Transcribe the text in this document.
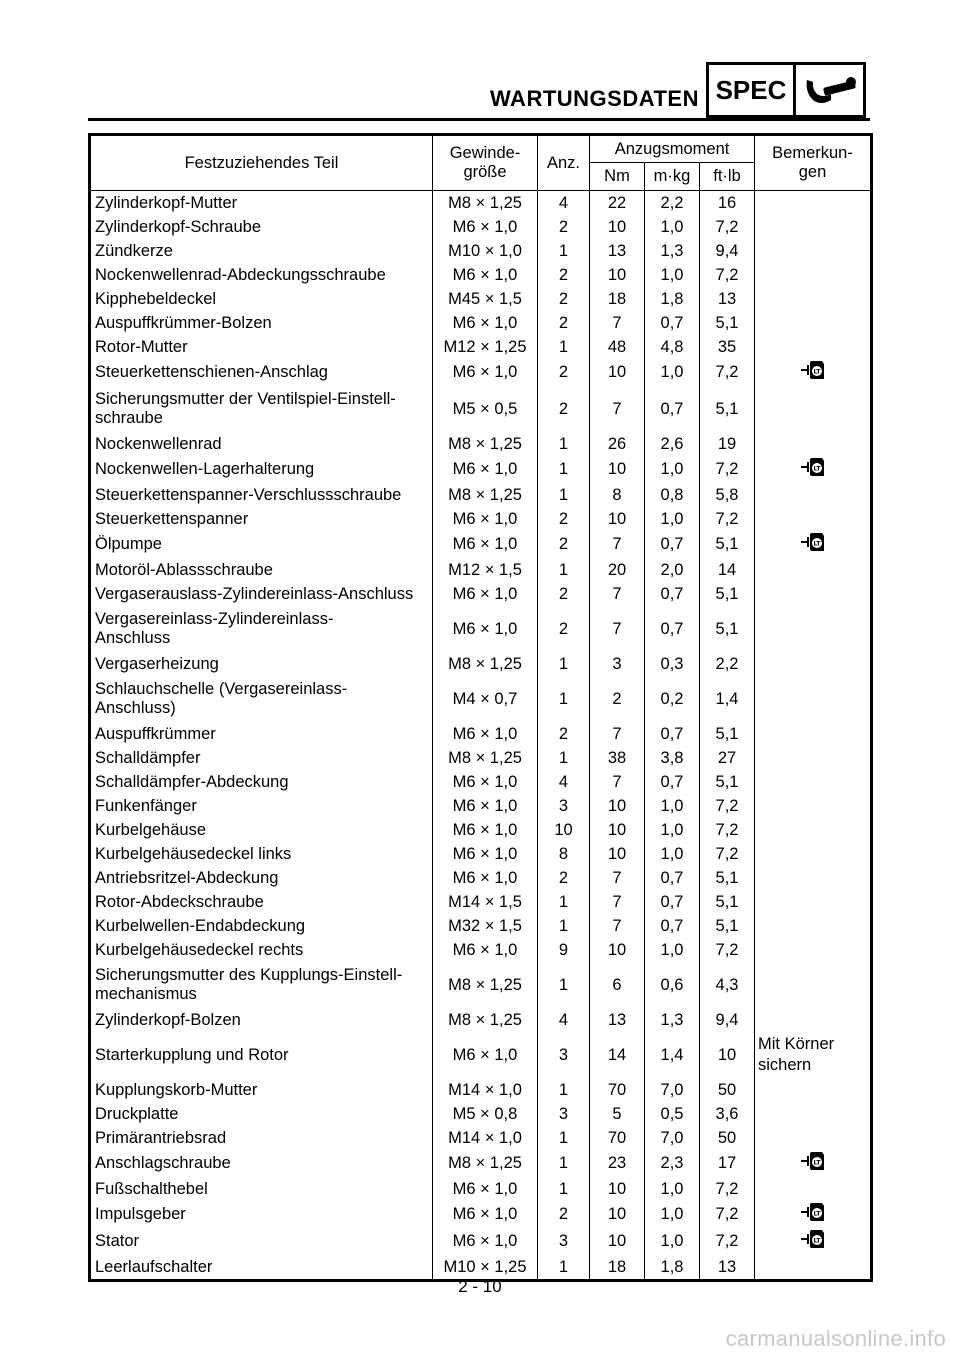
WARTUNGSDATEN SPEC
Festzuziehendes Teil	Gewinde-
größe	Anz.	Anzugsmoment			Bemerkun-
gen
			Nm	m·kg	ft·lb	
Zylinderkopf-Mutter	M8 × 1,25	4	22	2,2	16	
Zylinderkopf-Schraube	M6 × 1,0	2	10	1,0	7,2	
Zündkerze	M10 × 1,0	1	13	1,3	9,4	
Nockenwellenrad-Abdeckungsschraube	M6 × 1,0	2	10	1,0	7,2	
Kipphebeldeckel	M45 × 1,5	2	18	1,8	13	
Auspuffkrümmer-Bolzen	M6 × 1,0	2	7	0,7	5,1	
Rotor-Mutter	M12 × 1,25	1	48	4,8	35	
Steuerkettenschienen-Anschlag	M6 × 1,0	2	10	1,0	7,2	LT

Sicherungsmutter der Ventilspiel-Einstell-
schraube	M5 × 0,5	2	7	0,7	5,1	
Nockenwellenrad	M8 × 1,25	1	26	2,6	19	
Nockenwellen-Lagerhalterung	M6 × 1,0	1	10	1,0	7,2	LT

Steuerkettenspanner-Verschlussschraube	M8 × 1,25	1	8	0,8	5,8	
Steuerkettenspanner	M6 × 1,0	2	10	1,0	7,2	
Ölpumpe	M6 × 1,0	2	7	0,7	5,1	LT

Motoröl-Ablassschraube	M12 × 1,5	1	20	2,0	14	
Vergaserauslass-Zylindereinlass-Anschluss	M6 × 1,0	2	7	0,7	5,1	
Vergasereinlass-Zylindereinlass-
Anschluss	M6 × 1,0	2	7	0,7	5,1	
Vergaserheizung	M8 × 1,25	1	3	0,3	2,2	
Schlauchschelle (Vergasereinlass-
Anschluss)	M4 × 0,7	1	2	0,2	1,4	
Auspuffkrümmer	M6 × 1,0	2	7	0,7	5,1	
Schalldämpfer	M8 × 1,25	1	38	3,8	27	
Schalldämpfer-Abdeckung	M6 × 1,0	4	7	0,7	5,1	
Funkenfänger	M6 × 1,0	3	10	1,0	7,2	
Kurbelgehäuse	M6 × 1,0	10	10	1,0	7,2	
Kurbelgehäusedeckel links	M6 × 1,0	8	10	1,0	7,2	
Antriebsritzel-Abdeckung	M6 × 1,0	2	7	0,7	5,1	
Rotor-Abdeckschraube	M14 × 1,5	1	7	0,7	5,1	
Kurbelwellen-Endabdeckung	M32 × 1,5	1	7	0,7	5,1	
Kurbelgehäusedeckel rechts	M6 × 1,0	9	10	1,0	7,2	
Sicherungsmutter des Kupplungs-Einstell-
mechanismus	M8 × 1,25	1	6	0,6	4,3	
Zylinderkopf-Bolzen	M8 × 1,25	4	13	1,3	9,4	
Starterkupplung und Rotor	M6 × 1,0	3	14	1,4	10	Mit Körner
sichern

Kupplungskorb-Mutter	M14 × 1,0	1	70	7,0	50	
Druckplatte	M5 × 0,8	3	5	0,5	3,6	
Primärantriebsrad	M14 × 1,0	1	70	7,0	50	
Anschlagschraube	M8 × 1,25	1	23	2,3	17	LT

Fußschalthebel	M6 × 1,0	1	10	1,0	7,2	
Impulsgeber	M6 × 1,0	2	10	1,0	7,2	LT

Stator	M6 × 1,0	3	10	1,0	7,2	LT

Leerlaufschalter	M10 × 1,25	1	18	1,8	13	
2 - 10
carmanualsonline.info
